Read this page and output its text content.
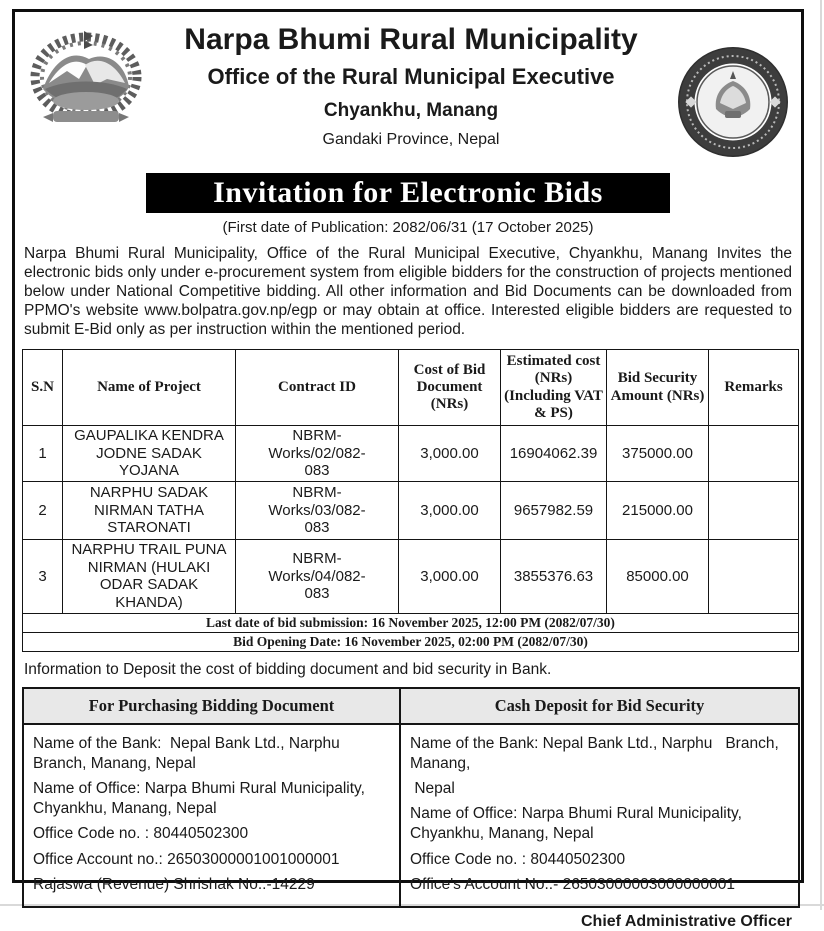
Narpa Bhumi Rural Municipality
Office of the Rural Municipal Executive
Chyankhu, Manang
Gandaki Province, Nepal
Invitation for Electronic Bids
(First date of Publication: 2082/06/31 (17 October 2025)
Narpa Bhumi Rural Municipality, Office of the Rural Municipal Executive, Chyankhu, Manang Invites the electronic bids only under e-procurement system from eligible bidders for the construction of projects mentioned below under National Competitive bidding. All other information and Bid Documents can be downloaded from PPMO's website www.bolpatra.gov.np/egp or may obtain at office. Interested eligible bidders are requested to submit E-Bid only as per instruction within the mentioned period.
S.N	Name of Project	Contract ID	Cost of Bid Document (NRs)	Estimated cost (NRs) (Including VAT & PS)	Bid Security Amount (NRs)	Remarks
1	GAUPALIKA KENDRA JODNE SADAK YOJANA	NBRM-Works/02/082-083	3,000.00	16904062.39	375000.00	
2	NARPHU SADAK NIRMAN TATHA STARONATI	NBRM-Works/03/082-083	3,000.00	9657982.59	215000.00	
3	NARPHU TRAIL PUNA NIRMAN (HULAKI ODAR SADAK KHANDA)	NBRM-Works/04/082-083	3,000.00	3855376.63	85000.00	
Last date of bid submission: 16 November 2025, 12:00 PM (2082/07/30)						
Bid Opening Date: 16 November 2025, 02:00 PM (2082/07/30)						
Information to Deposit the cost of bidding document and bid security in Bank.
For Purchasing Bidding Document	Cash Deposit for Bid Security

Name of the Bank:  Nepal Bank Ltd., Narphu   Branch, Manang, Nepal
Name of Office: Narpa Bhumi Rural Municipality, Chyankhu, Manang, Nepal
Office Code no. : 80440502300
Office Account no.: 26503000001001000001
Rajaswa (Revenue) Shrishak No.:-14229

Name of the Bank: Nepal Bank Ltd., Narphu   Branch, Manang,
Nepal
Name of Office: Narpa Bhumi Rural Municipality, Chyankhu, Manang, Nepal
Office Code no. : 80440502300
Office's Account No.:- 26503000003000000001
Chief Administrative Officer
